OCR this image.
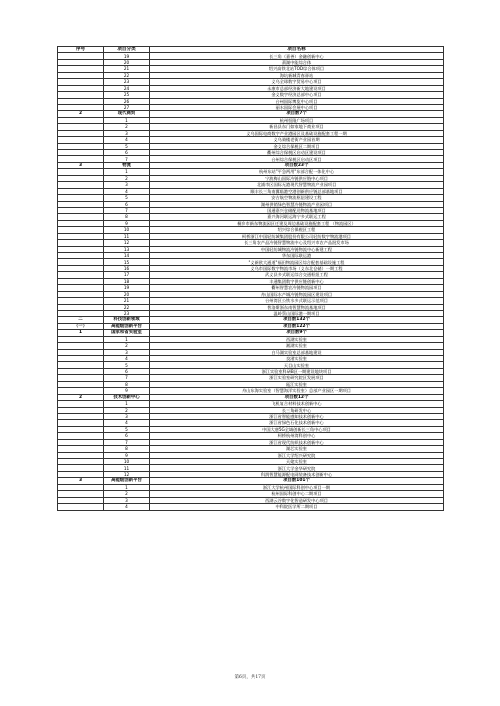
序号	项目分类	项目名称
	19	长三角（嘉善）金融创新中心
	20	萧湖中能综合体
	21	绍兴高铁北站TOD综合体项目
	22	海坑新城青春驿站
	23	义乌全球数字贸易中心项目
	24	永康市总部经济新大地建设项目
	25	金义数字经济总部中心项目
	26	台州国际博览中心项目
	27	丽水国际会展中心项目
2	现代商贸	项目数7个
	1	杭州恒隆广场项目
	2	新昌县东门如家地下商业项目
	3	义乌国际电商数字产业港园区及基础设施配套工程一期
	4	义乌骑楼老街产业园首期
	5	金义综合保税区二期项目
	6	衢州综合保税区启动区建设项目
	7	台州综合保税区启动区项目
3	物流	项目数23个
	1	杭州东站"平急两用"东部合配一体化中心
	2	宁波梅山国际冷链供应链中心项目
	3	北浦市区国际无港现代智慧物流产业园项目
	4	顺丰长三角南翼临港空港创新供应链总部基地项目
	5	安吉航空物流枢纽建设工程
	6	湖州供销绿色智慧冷链物流产业园项目
	7	国通嘉兴仓储配送物流基地项目
	8	嘉兴海河联运海宁多式联运工程
	9	桐乡市新东物流园区迁建及周边基础设施配套工程 （物流园区）
	10	绍兴综合保税区工程
	11	柯桥浙江中国轻纺城集团股份有限公司轻纺数字物流港项目
	12	长三角农产品冷链智慧物流中心及绍兴市农产品批发市场
	13	中国轻纺城物流冷链物流中心新建工程
	14	华东国际联运港
	15	"义新欧大通道"福田物流园区综合配套基础设施工程
	16	义乌市国际数字物流市场（义东北仓储）一期工程
	17	武义县多式联运综合交通枢纽工程
	18	丰通集团数字供应链创新中心
	19	衢州智慧农冷链物流园项目
	20	舟山国际水产城冷链物流园区建设项目
	21	台州湾区公铁水多式联运示范项目
	22	普洛斯浙东南智慧物流基地项目
	23	温岭蔡山国际港一期项目
二	科技创新领域	项目数132个
（一）	高能级创新平台	项目数122个
1	国家和省实验室	项目数9个
	1	西湖实验室
	2	湘湖实验室
	3	白马湖实验室总部基地建设
	4	良渚实验室
	5	天目山实验室
	6	浙江实验室科研B区一期建设地块项目
	7	浙江实验室研究院区发展项目
	8	瓯江实验室
	9	舟山东海实验室（智慧海洋实验室）总部产业园区一期项目
2	技术创新中心	项目数12个
	1	飞机复合材料技术创新中心
	2	长三角研发中心
	3	浙江省智能感知技术创新中心
	4	浙江省绿色石化技术创新中心
	5	中国大唐5G全域创新长三角中心项目
	6	柯桥杭州湾科创中心
	7	浙江省现代纺织技术创新中心
	8	湖芯实验室
	9	浙江大学绍兴研究院
	10	天姥实验室
	11	浙江大学金华研究院
	12	科润智慧能源配电网装备技术创新中心
3	高能级创新平台	项目数101个
	1	浙江大学杭州国际科创中心项目一期
	2	杭州国际科创中心二期项目
	3	西湖云谷数字化智造研发中心项目
	4	中科院医学所二期项目
第6页，共17页
